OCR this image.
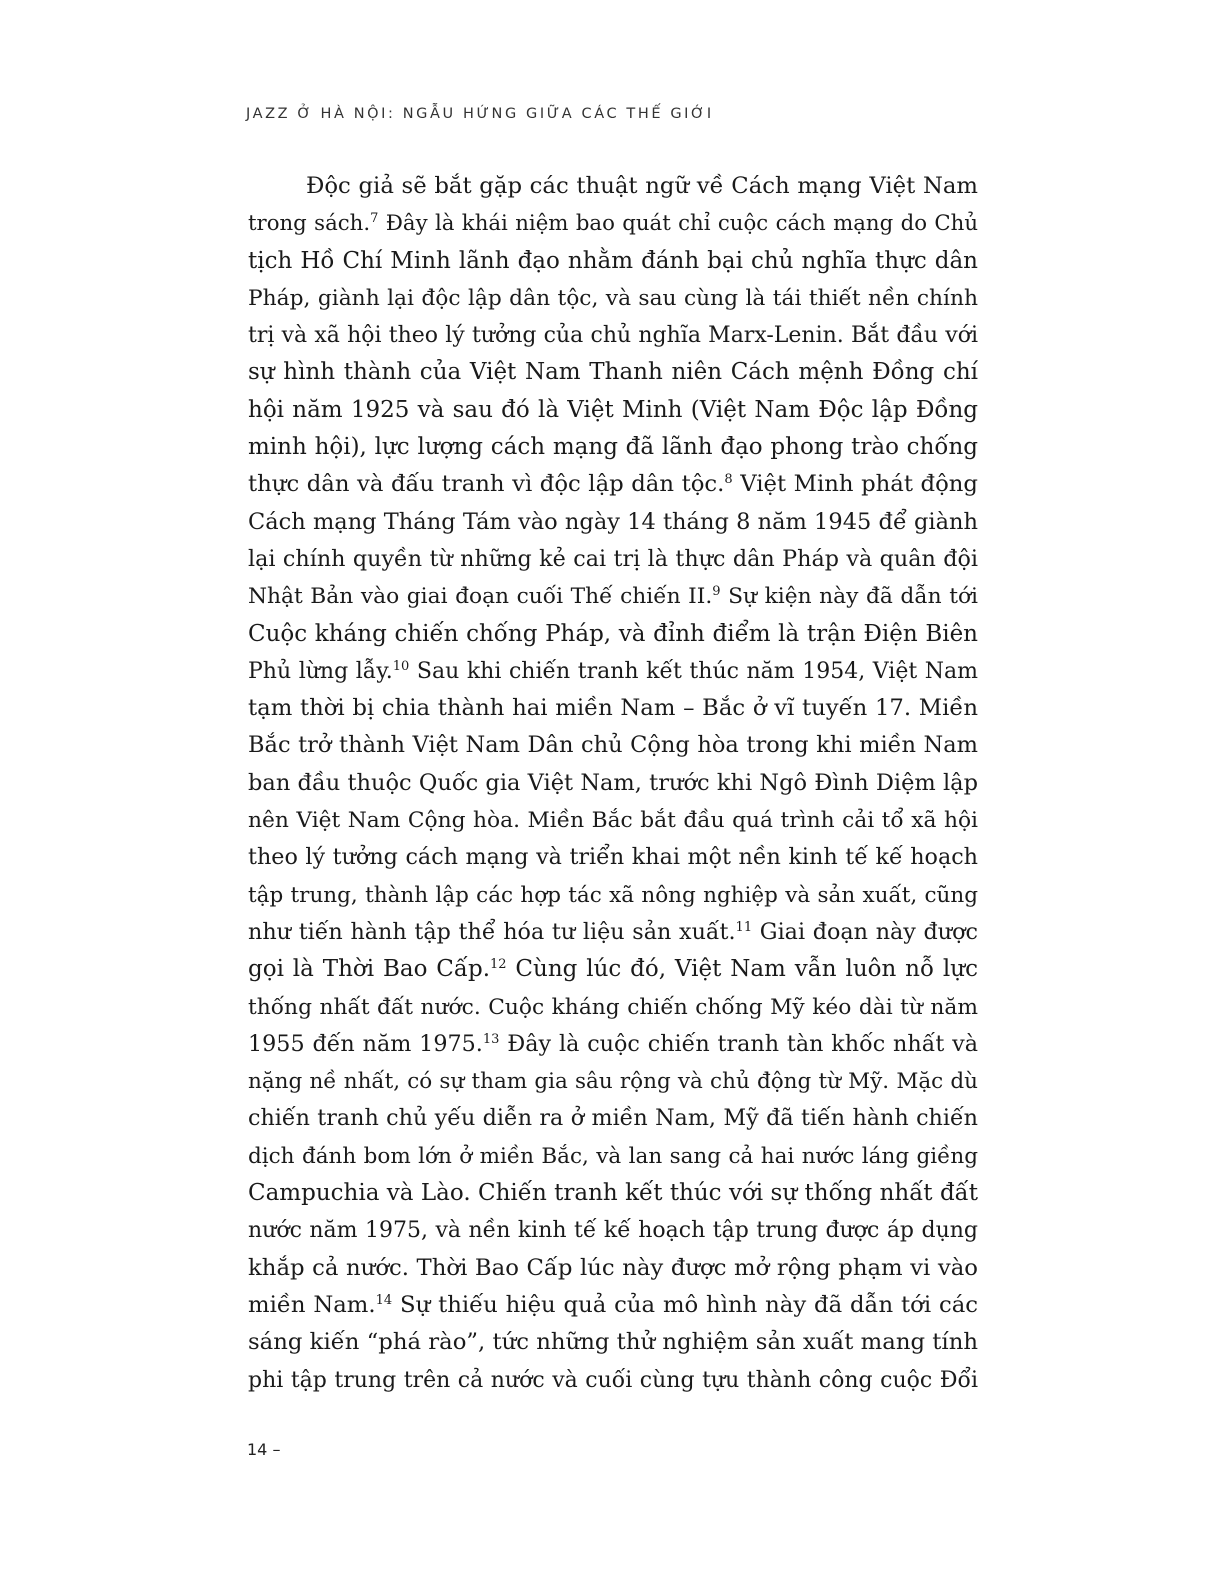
JAZZ Ở HÀ NỘI: NGẪU HỨNG GIỮA CÁC THẾ GIỚI
Độc giả sẽ bắt gặp các thuật ngữ về Cách mạng Việt Nam
trong sách.$^7$ Đây là khái niệm bao quát chỉ cuộc cách mạng do Chủ
tịch Hồ Chí Minh lãnh đạo nhằm đánh bại chủ nghĩa thực dân
Pháp, giành lại độc lập dân tộc, và sau cùng là tái thiết nền chính
trị và xã hội theo lý tưởng của chủ nghĩa Marx-Lenin. Bắt đầu với
sự hình thành của Việt Nam Thanh niên Cách mệnh Đồng chí
hội năm 1925 và sau đó là Việt Minh (Việt Nam Độc lập Đồng
minh hội), lực lượng cách mạng đã lãnh đạo phong trào chống
thực dân và đấu tranh vì độc lập dân tộc.$^8$ Việt Minh phát động
Cách mạng Tháng Tám vào ngày 14 tháng 8 năm 1945 để giành
lại chính quyền từ những kẻ cai trị là thực dân Pháp và quân đội
Nhật Bản vào giai đoạn cuối Thế chiến II.$^9$ Sự kiện này đã dẫn tới
Cuộc kháng chiến chống Pháp, và đỉnh điểm là trận Điện Biên
Phủ lừng lẫy.$^{10}$ Sau khi chiến tranh kết thúc năm 1954, Việt Nam
tạm thời bị chia thành hai miền Nam – Bắc ở vĩ tuyến 17. Miền
Bắc trở thành Việt Nam Dân chủ Cộng hòa trong khi miền Nam
ban đầu thuộc Quốc gia Việt Nam, trước khi Ngô Đình Diệm lập
nên Việt Nam Cộng hòa. Miền Bắc bắt đầu quá trình cải tổ xã hội
theo lý tưởng cách mạng và triển khai một nền kinh tế kế hoạch
tập trung, thành lập các hợp tác xã nông nghiệp và sản xuất, cũng
như tiến hành tập thể hóa tư liệu sản xuất.$^{11}$ Giai đoạn này được
gọi là Thời Bao Cấp.$^{12}$ Cùng lúc đó, Việt Nam vẫn luôn nỗ lực
thống nhất đất nước. Cuộc kháng chiến chống Mỹ kéo dài từ năm
1955 đến năm 1975.13 Đây là cuộc chiến tranh tàn khốc nhất và
nặng nề nhất, có sự tham gia sâu rộng và chủ động từ Mỹ. Mặc dù
chiến tranh chủ yếu diễn ra ở miền Nam, Mỹ đã tiến hành chiến
dịch đánh bom lớn ở miền Bắc, và lan sang cả hai nước láng giềng
Campuchia và Lào. Chiến tranh kết thúc với sự thống nhất đất
nước năm 1975, và nền kinh tế kế hoạch tập trung được áp dụng
khắp cả nước. Thời Bao Cấp lúc này được mở rộng phạm vi vào
miền Nam.$^{14}$ Sự thiếu hiệu quả của mô hình này đã dẫn tới các
sáng kiến “phá rào”, tức những thử nghiệm sản xuất mang tính
phi tập trung trên cả nước và cuối cùng tựu thành công cuộc Đổi
14 –
